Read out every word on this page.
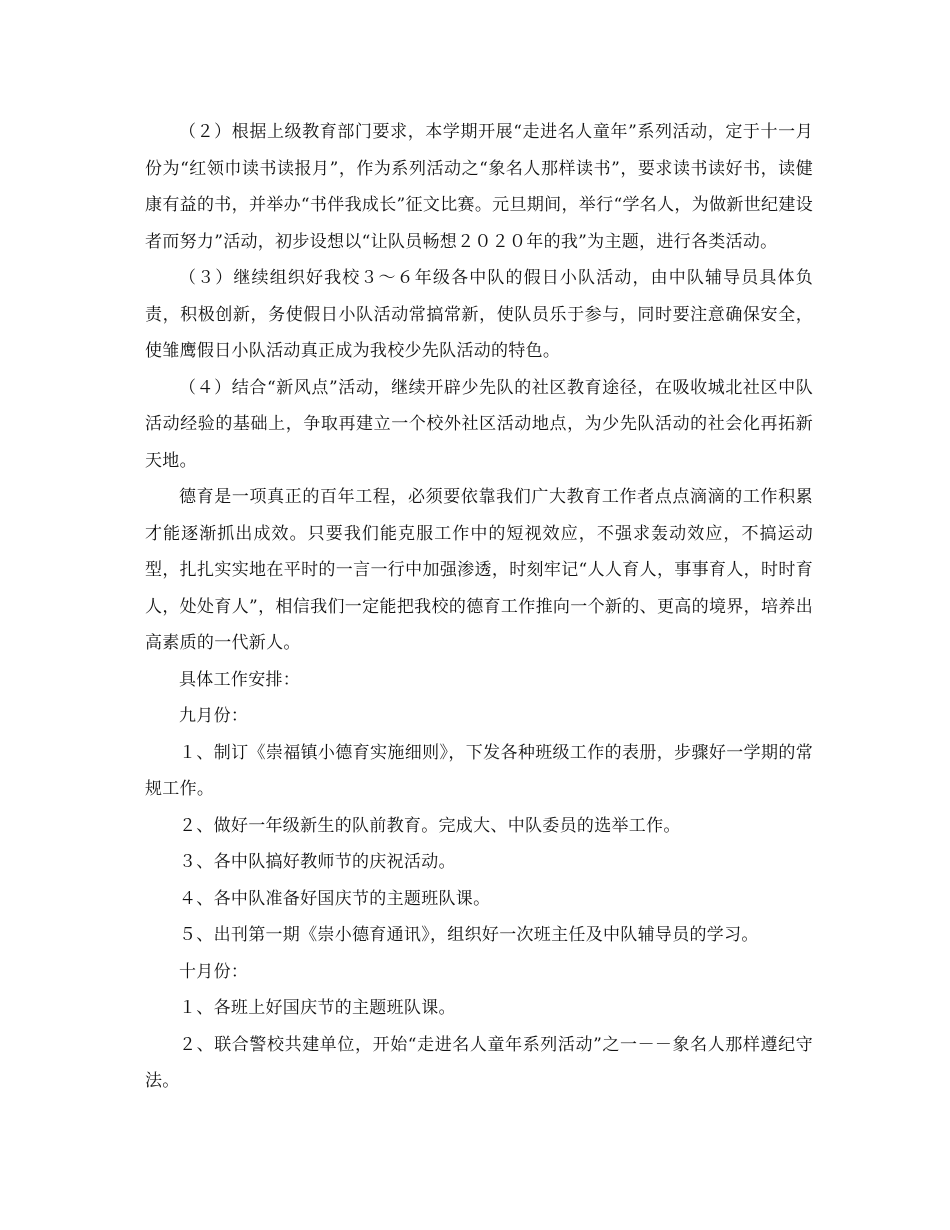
（２）根据上级教育部门要求，本学期开展“走进名人童年”系列活动，定于十一月份为“红领巾读书读报月”，作为系列活动之“象名人那样读书”，要求读书读好书，读健康有益的书，并举办“书伴我成长”征文比赛。元旦期间，举行“学名人，为做新世纪建设者而努力”活动，初步设想以“让队员畅想２０２０年的我”为主题，进行各类活动。

（３）继续组织好我校３～６年级各中队的假日小队活动，由中队辅导员具体负责，积极创新，务使假日小队活动常搞常新，使队员乐于参与，同时要注意确保安全，使雏鹰假日小队活动真正成为我校少先队活动的特色。

（４）结合“新风点”活动，继续开辟少先队的社区教育途径，在吸收城北社区中队活动经验的基础上，争取再建立一个校外社区活动地点，为少先队活动的社会化再拓新天地。

德育是一项真正的百年工程，必须要依靠我们广大教育工作者点点滴滴的工作积累才能逐渐抓出成效。只要我们能克服工作中的短视效应，不强求轰动效应，不搞运动型，扎扎实实地在平时的一言一行中加强渗透，时刻牢记“人人育人，事事育人，时时育人，处处育人”，相信我们一定能把我校的德育工作推向一个新的、更高的境界，培养出高素质的一代新人。

具体工作安排：

九月份：

１、制订《崇福镇小德育实施细则》，下发各种班级工作的表册，步骤好一学期的常规工作。

２、做好一年级新生的队前教育。完成大、中队委员的选举工作。

３、各中队搞好教师节的庆祝活动。

４、各中队准备好国庆节的主题班队课。

５、出刊第一期《崇小德育通讯》，组织好一次班主任及中队辅导员的学习。

十月份：

１、各班上好国庆节的主题班队课。

２、联合警校共建单位，开始“走进名人童年系列活动”之一－－象名人那样遵纪守法。
